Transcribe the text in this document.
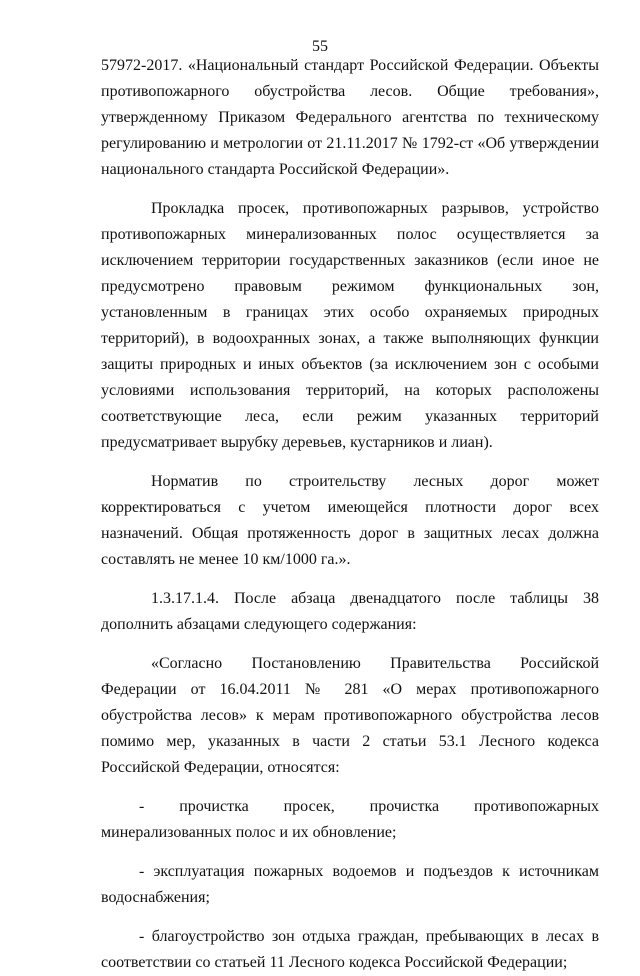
55

57972-2017. «Национальный стандарт Российской Федерации. Объекты противопожарного обустройства лесов. Общие требования», утвержденному Приказом Федерального агентства по техническому регулированию и метрологии от 21.11.2017 № 1792-ст «Об утверждении национального стандарта Российской Федерации».

Прокладка просек, противопожарных разрывов, устройство противопожарных минерализованных полос осуществляется за исключением территории государственных заказников (если иное не предусмотрено правовым режимом функциональных зон, установленным в границах этих особо охраняемых природных территорий), в водоохранных зонах, а также выполняющих функции защиты природных и иных объектов (за исключением зон с особыми условиями использования территорий, на которых расположены соответствующие леса, если режим указанных территорий предусматривает вырубку деревьев, кустарников и лиан).

Норматив по строительству лесных дорог может корректироваться с учетом имеющейся плотности дорог всех назначений. Общая протяженность дорог в защитных лесах должна составлять не менее 10 км/1000 га.».

1.3.17.1.4. После абзаца двенадцатого после таблицы 38 дополнить абзацами следующего содержания:

«Согласно Постановлению Правительства Российской Федерации от 16.04.2011 № 281 «О мерах противопожарного обустройства лесов» к мерам противопожарного обустройства лесов помимо мер, указанных в части 2 статьи 53.1 Лесного кодекса Российской Федерации, относятся:

- прочистка просек, прочистка противопожарных минерализованных полос и их обновление;

- эксплуатация пожарных водоемов и подъездов к источникам водоснабжения;

- благоустройство зон отдыха граждан, пребывающих в лесах в соответствии со статьей 11 Лесного кодекса Российской Федерации;
